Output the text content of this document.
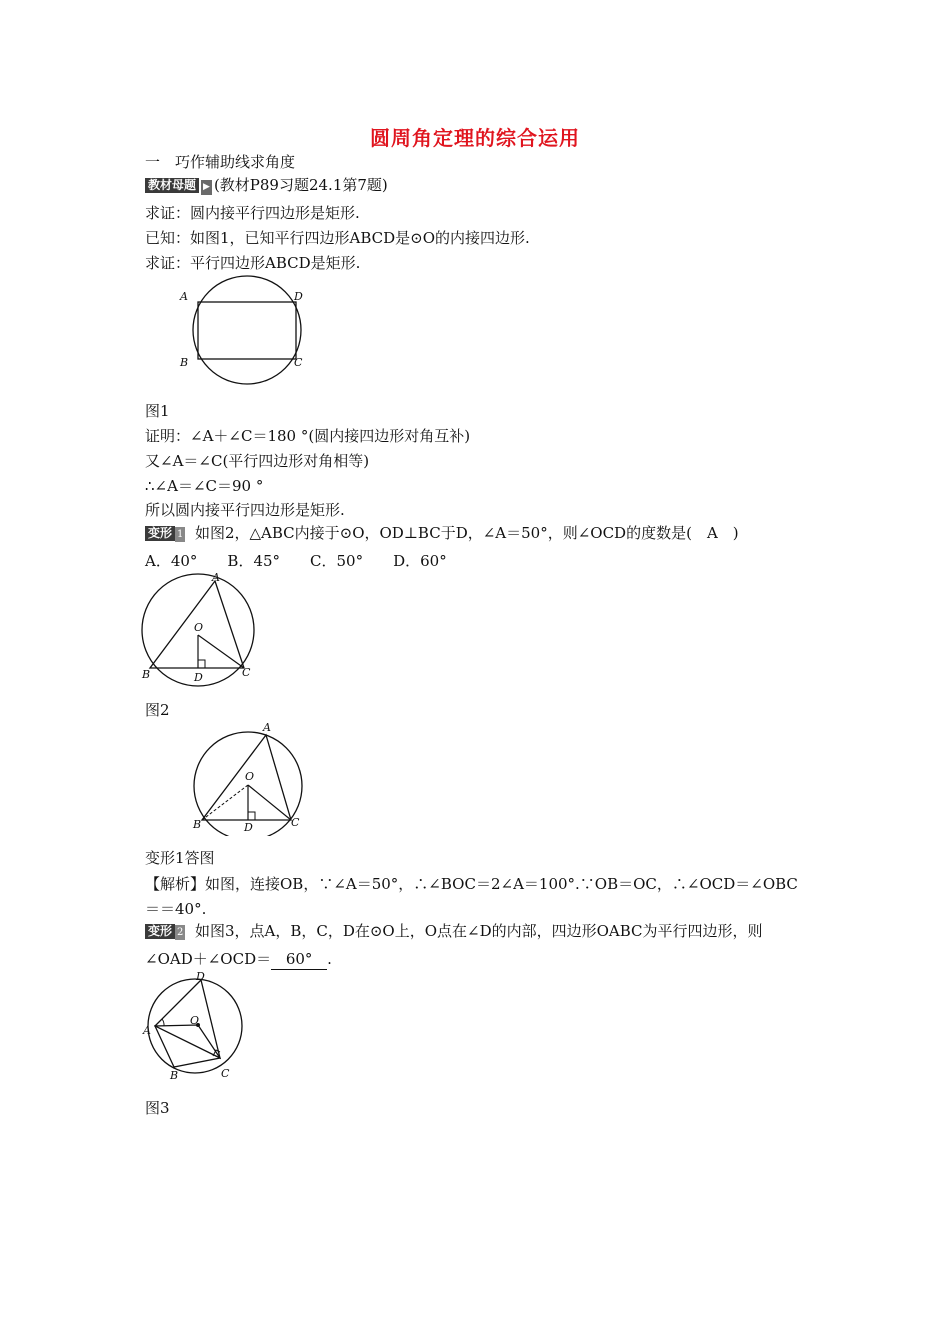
圆周角定理的综合运用
一　巧作辅助线求角度
教材母题 ▶ (教材P89习题24.1第7题)
求证：圆内接平行四边形是矩形.
已知：如图1，已知平行四边形ABCD是⊙O的内接四边形.
求证：平行四边形ABCD是矩形.
A
B	C
D
图1
证明：∠A＋∠C＝180 °(圆内接四边形对角互补)
又∠A＝∠C(平行四边形对角相等)
∴∠A＝∠C＝90 °
所以圆内接平行四边形是矩形.
变形 1 如图2，△ABC内接于⊙O，OD⊥BC于D，∠A＝50°，则∠OCD的度数是(　A　)
A．40°　　B．45°　　C．50°　　D．60°
A
B	C
D
O
图2
A
B	C
D
O
变形1答图
【解析】如图，连接OB，∵∠A＝50°，∴∠BOC＝2∠A＝100°.∵OB＝OC，∴∠OCD＝∠OBC
＝＝40°.
变形 2 如图3，点A，B，C，D在⊙O上，O点在∠D的内部，四边形OABC为平行四边形，则
∠OAD＋∠OCD＝ 60° .
D
A
B	C
O
图3
